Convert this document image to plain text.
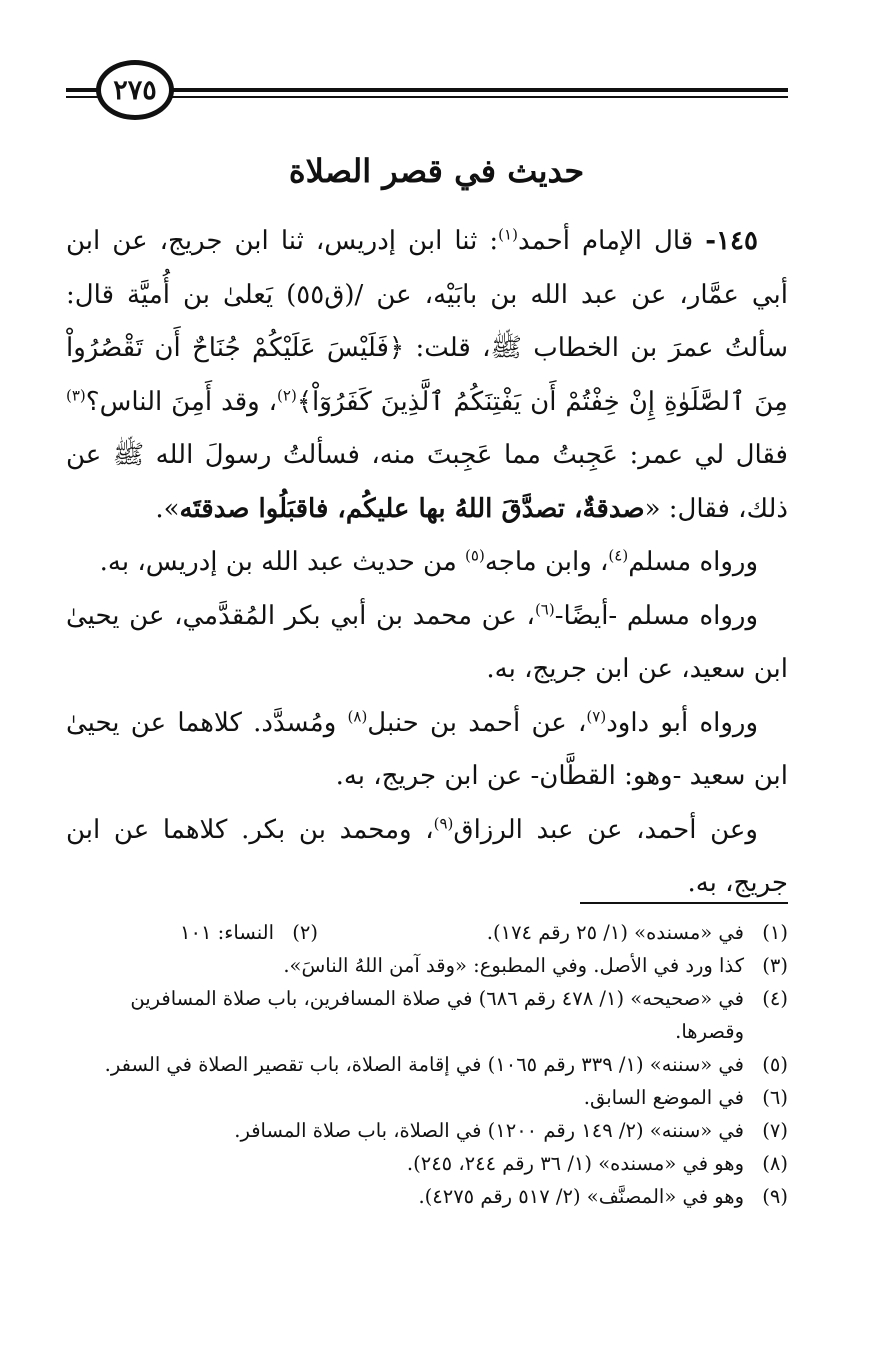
٢٧٥
حديث في قصر الصلاة

١٤٥- قال الإمام أحمد$^{(١)}$: ثنا ابن إدريس، ثنا ابن جريج، عن ابن أبي عمَّار، عن عبد الله بن بابَيْه، عن /(ق٥٥) يَعلىٰ بن أُميَّة قال: سألتُ عمرَ بن الخطاب ﷺ، قلت: ﴿فَلَيْسَ عَلَيْكُمْ جُنَاحٌ أَن تَقْصُرُواْ مِنَ ٱلصَّلَوٰةِ إِنْ خِفْتُمْ أَن يَفْتِنَكُمُ ٱلَّذِينَ كَفَرُوٓاْ﴾$^{(٢)}$، وقد أَمِنَ الناس؟$^{(٣)}$ فقال لي عمر: عَجِبتُ مما عَجِبتَ منه، فسألتُ رسولَ الله ﷺ عن ذلك، فقال: «صدقةٌ، تصدَّقَ اللهُ بها عليكُم، فاقبَلُوا صدقتَه».

ورواه مسلم$^{(٤)}$، وابن ماجه$^{(٥)}$ من حديث عبد الله بن إدريس، به.

ورواه مسلم -أيضًا-$^{(٦)}$، عن محمد بن أبي بكر المُقدَّمي، عن يحيىٰ ابن سعيد، عن ابن جريج، به.

ورواه أبو داود$^{(٧)}$، عن أحمد بن حنبل$^{(٨)}$ ومُسدَّد. كلاهما عن يحيىٰ ابن سعيد -وهو: القطَّان- عن ابن جريج، به.

وعن أحمد، عن عبد الرزاق$^{(٩)}$، ومحمد بن بكر. كلاهما عن ابن جريج، به.

(١)
في «مسنده» (١/ ٢٥ رقم ١٧٤).
(٢)
النساء: ١٠١
(٣)
كذا ورد في الأصل. وفي المطبوع: «وقد آمن اللهُ الناسَ».
(٤)
في «صحيحه» (١/ ٤٧٨ رقم ٦٨٦) في صلاة المسافرين، باب صلاة المسافرين وقصرها.
(٥)
في «سننه» (١/ ٣٣٩ رقم ١٠٦٥) في إقامة الصلاة، باب تقصير الصلاة في السفر.
(٦)
في الموضع السابق.
(٧)
في «سننه» (٢/ ١٤٩ رقم ١٢٠٠) في الصلاة، باب صلاة المسافر.
(٨)
وهو في «مسنده» (١/ ٣٦ رقم ٢٤٤، ٢٤٥).
(٩)
وهو في «المصنَّف» (٢/ ٥١٧ رقم ٤٢٧٥).
